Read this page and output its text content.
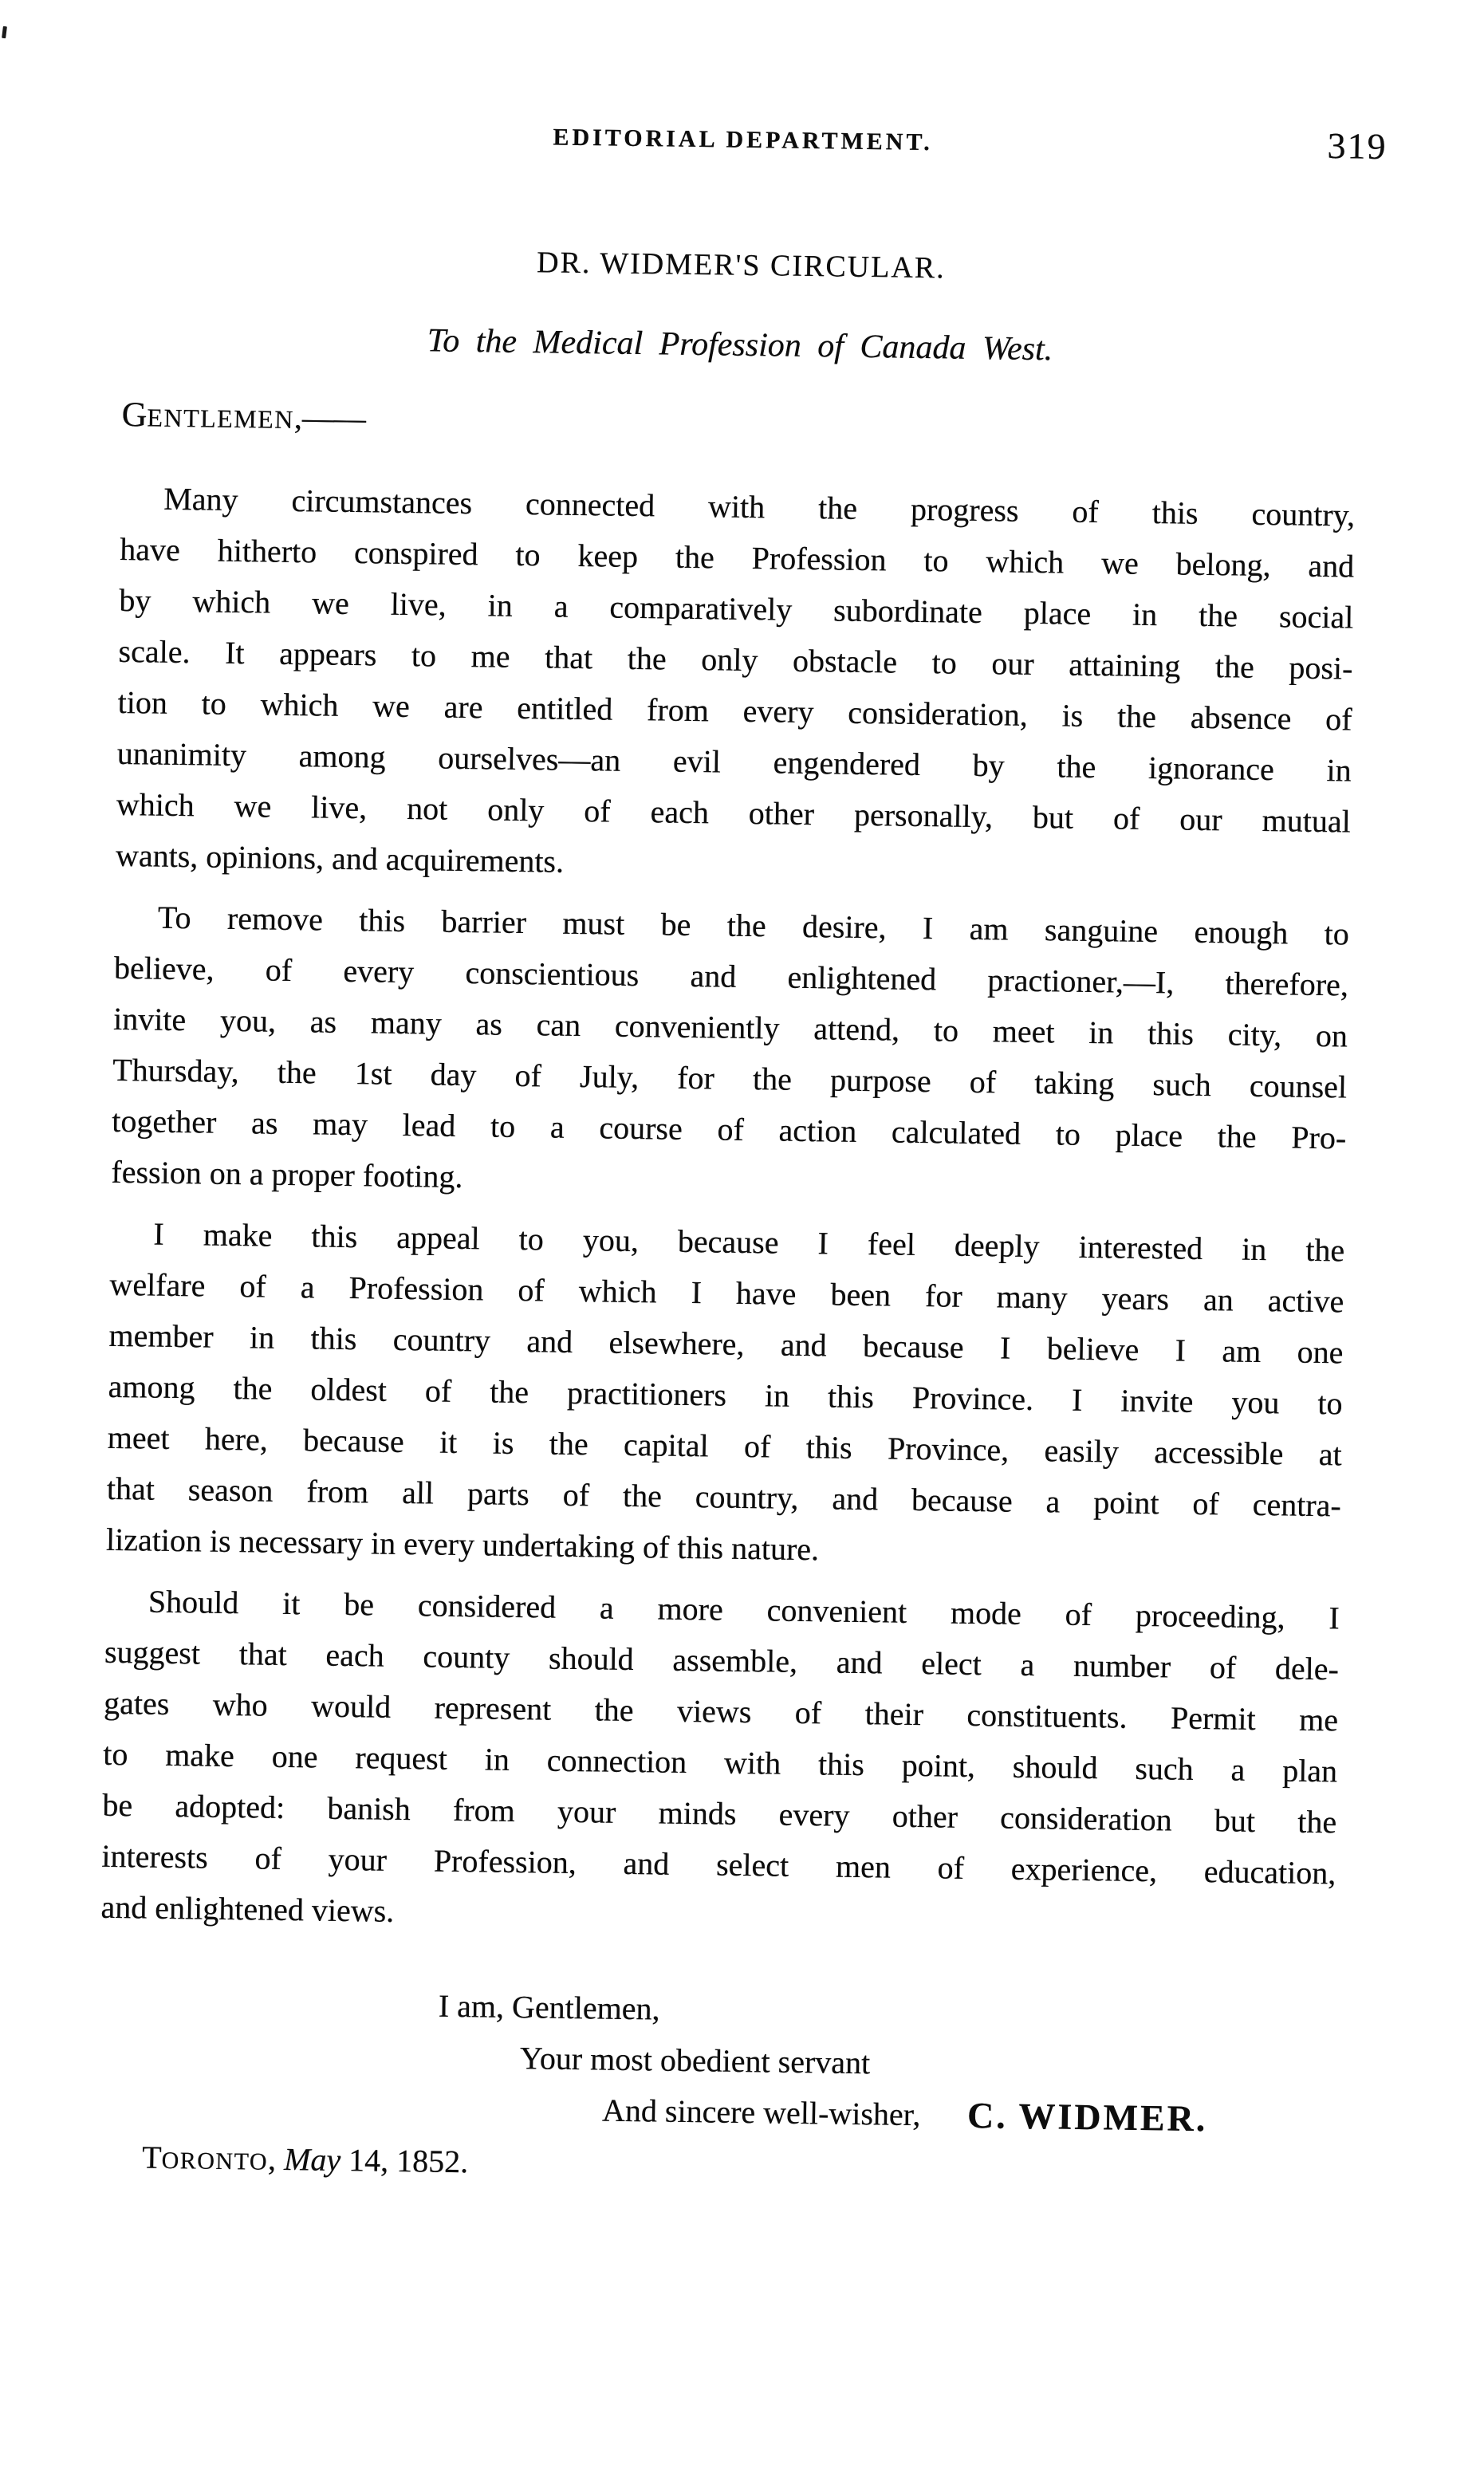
EDITORIAL DEPARTMENT.	319
DR. WIDMER'S CIRCULAR.
To the Medical Profession of Canada West.
GENTLEMEN,——

Many circumstances connected with the progress of this country,
have hitherto conspired to keep the Profession to which we belong, and
by which we live, in a comparatively subordinate place in the social
scale. It appears to me that the only obstacle to our attaining the posi-
tion to which we are entitled from every consideration, is the absence of
unanimity among ourselves—an evil engendered by the ignorance in
which we live, not only of each other personally, but of our mutual
wants, opinions, and acquirements.

To remove this barrier must be the desire, I am sanguine enough to
believe, of every conscientious and enlightened practioner,—I, therefore,
invite you, as many as can conveniently attend, to meet in this city, on
Thursday, the 1st day of July, for the purpose of taking such counsel
together as may lead to a course of action calculated to place the Pro-
fession on a proper footing.

I make this appeal to you, because I feel deeply interested in the
welfare of a Profession of which I have been for many years an active
member in this country and elsewhere, and because I believe I am one
among the oldest of the practitioners in this Province. I invite you to
meet here, because it is the capital of this Province, easily accessible at
that season from all parts of the country, and because a point of centra-
lization is necessary in every undertaking of this nature.

Should it be considered a more convenient mode of proceeding, I
suggest that each county should assemble, and elect a number of dele-
gates who would represent the views of their constituents. Permit me
to make one request in connection with this point, should such a plan
be adopted: banish from your minds every other consideration but the
interests of your Profession, and select men of experience, education,
and enlightened views.

I am, Gentlemen,
Your most obedient servant
And sincere well-wisher,	C. WIDMER.
TORONTO, May 14, 1852.
